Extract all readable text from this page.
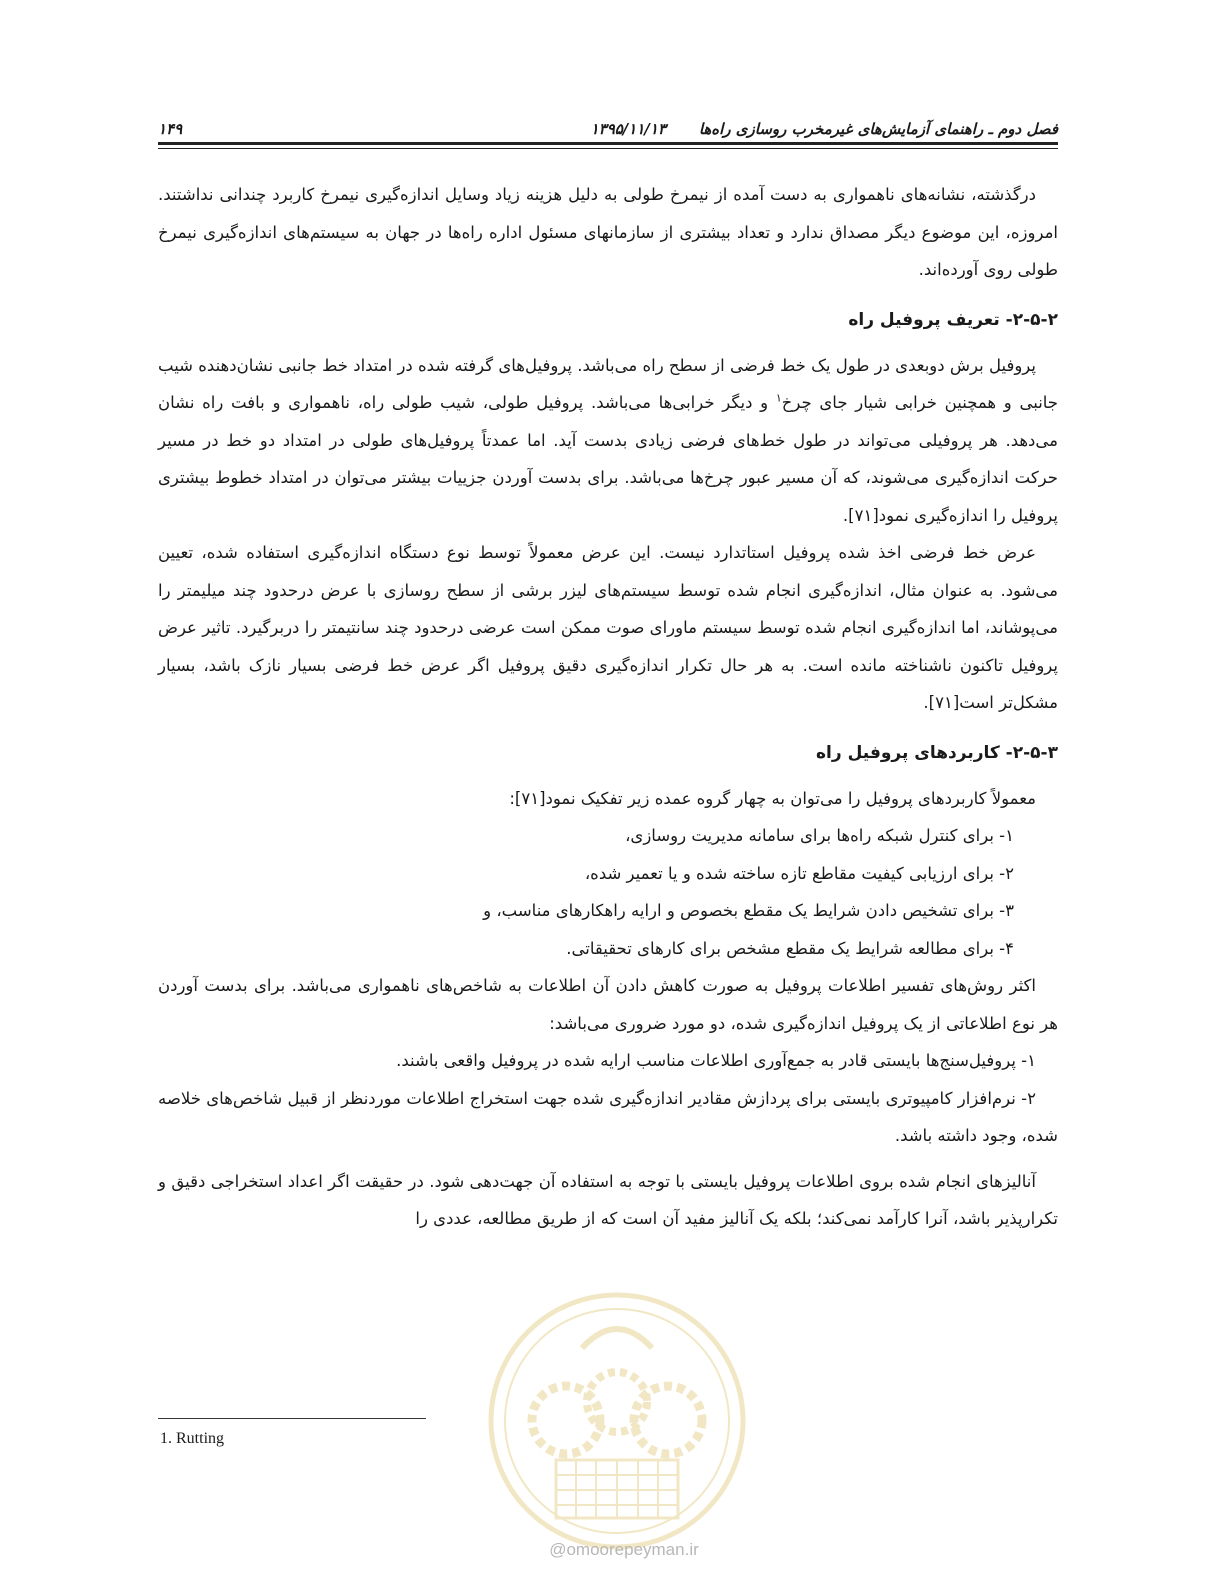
فصل دوم ـ راهنمای آزمایش‌های غیرمخرب روسازی راه‌ها
۱۳۹۵/۱۱/۱۳
۱۴۹

درگذشته، نشانه‌های ناهمواری به دست آمده از نیمرخ طولی به دلیل هزینه زیاد وسایل اندازه‌گیری نیمرخ کاربرد چندانی نداشتند. امروزه، این موضوع دیگر مصداق ندارد و تعداد بیشتری از سازمانهای مسئول اداره راه‌ها در جهان به سیستم‌های اندازه‌گیری نیمرخ طولی روی آورده‌اند.

۲-۵-۲- تعریف پروفیل راه

پروفیل برش دوبعدی در طول یک خط فرضی از سطح راه می‌باشد. پروفیل‌های گرفته شده در امتداد خط جانبی نشان‌دهنده شیب جانبی و همچنین خرابی شیار جای چرخ$^۱$ و دیگر خرابی‌ها می‌باشد. پروفیل طولی، شیب طولی راه، ناهمواری و بافت راه نشان می‌دهد. هر پروفیلی می‌تواند در طول خط‌های فرضی زیادی بدست آید. اما عمدتاً پروفیل‌های طولی در امتداد دو خط در مسیر حرکت اندازه‌گیری می‌شوند، که آن مسیر عبور چرخ‌ها می‌باشد. برای بدست آوردن جزییات بیشتر می‌توان در امتداد خطوط بیشتری پروفیل را اندازه‌گیری نمود[۷۱].

عرض خط فرضی اخذ شده پروفیل استاتدارد نیست. این عرض معمولاً توسط نوع دستگاه اندازه‌گیری استفاده شده، تعیین می‌شود. به عنوان مثال، اندازه‌گیری انجام شده توسط سیستم‌های لیزر برشی از سطح روسازی با عرض درحدود چند میلیمتر را می‌پوشاند، اما اندازه‌گیری انجام شده توسط سیستم ماورای صوت ممکن است عرضی درحدود چند سانتیمتر را دربرگیرد. تاثیر عرض پروفیل تاکنون ناشناخته مانده است. به هر حال تکرار اندازه‌گیری دقیق پروفیل اگر عرض خط فرضی بسیار نازک باشد، بسیار مشکل‌تر است[۷۱].

۲-۵-۳- کاربردهای پروفیل راه

معمولاً کاربردهای پروفیل را می‌توان به چهار گروه عمده زیر تفکیک نمود[۷۱]:

۱- برای کنترل شبکه راه‌ها برای سامانه مدیریت روسازی،

۲- برای ارزیابی کیفیت مقاطع تازه ساخته شده و یا تعمیر شده،

۳- برای تشخیص دادن شرایط یک مقطع بخصوص و ارایه راهکارهای مناسب، و

۴- برای مطالعه شرایط یک مقطع مشخص برای کارهای تحقیقاتی.

اکثر روش‌های تفسیر اطلاعات پروفیل به صورت کاهش دادن آن اطلاعات به شاخص‌های ناهمواری می‌باشد. برای بدست آوردن هر نوع اطلاعاتی از یک پروفیل اندازه‌گیری شده، دو مورد ضروری می‌باشد:

۱- پروفیل‌سنج‌ها بایستی قادر به جمع‌آوری اطلاعات مناسب ارایه شده در پروفیل واقعی باشند.

۲- نرم‌افزار کامپیوتری بایستی برای پردازش مقادیر اندازه‌گیری شده جهت استخراج اطلاعات موردنظر از قبیل شاخص‌های خلاصه شده، وجود داشته باشد.

آنالیزهای انجام شده بروی اطلاعات پروفیل بایستی با توجه به استفاده آن جهت‌دهی شود. در حقیقت اگر اعداد استخراجی دقیق و تکرارپذیر باشد، آنرا کارآمد نمی‌کند؛ بلکه یک آنالیز مفید آن است که از طریق مطالعه، عددی را

1. Rutting
@omoorepeyman.ir
